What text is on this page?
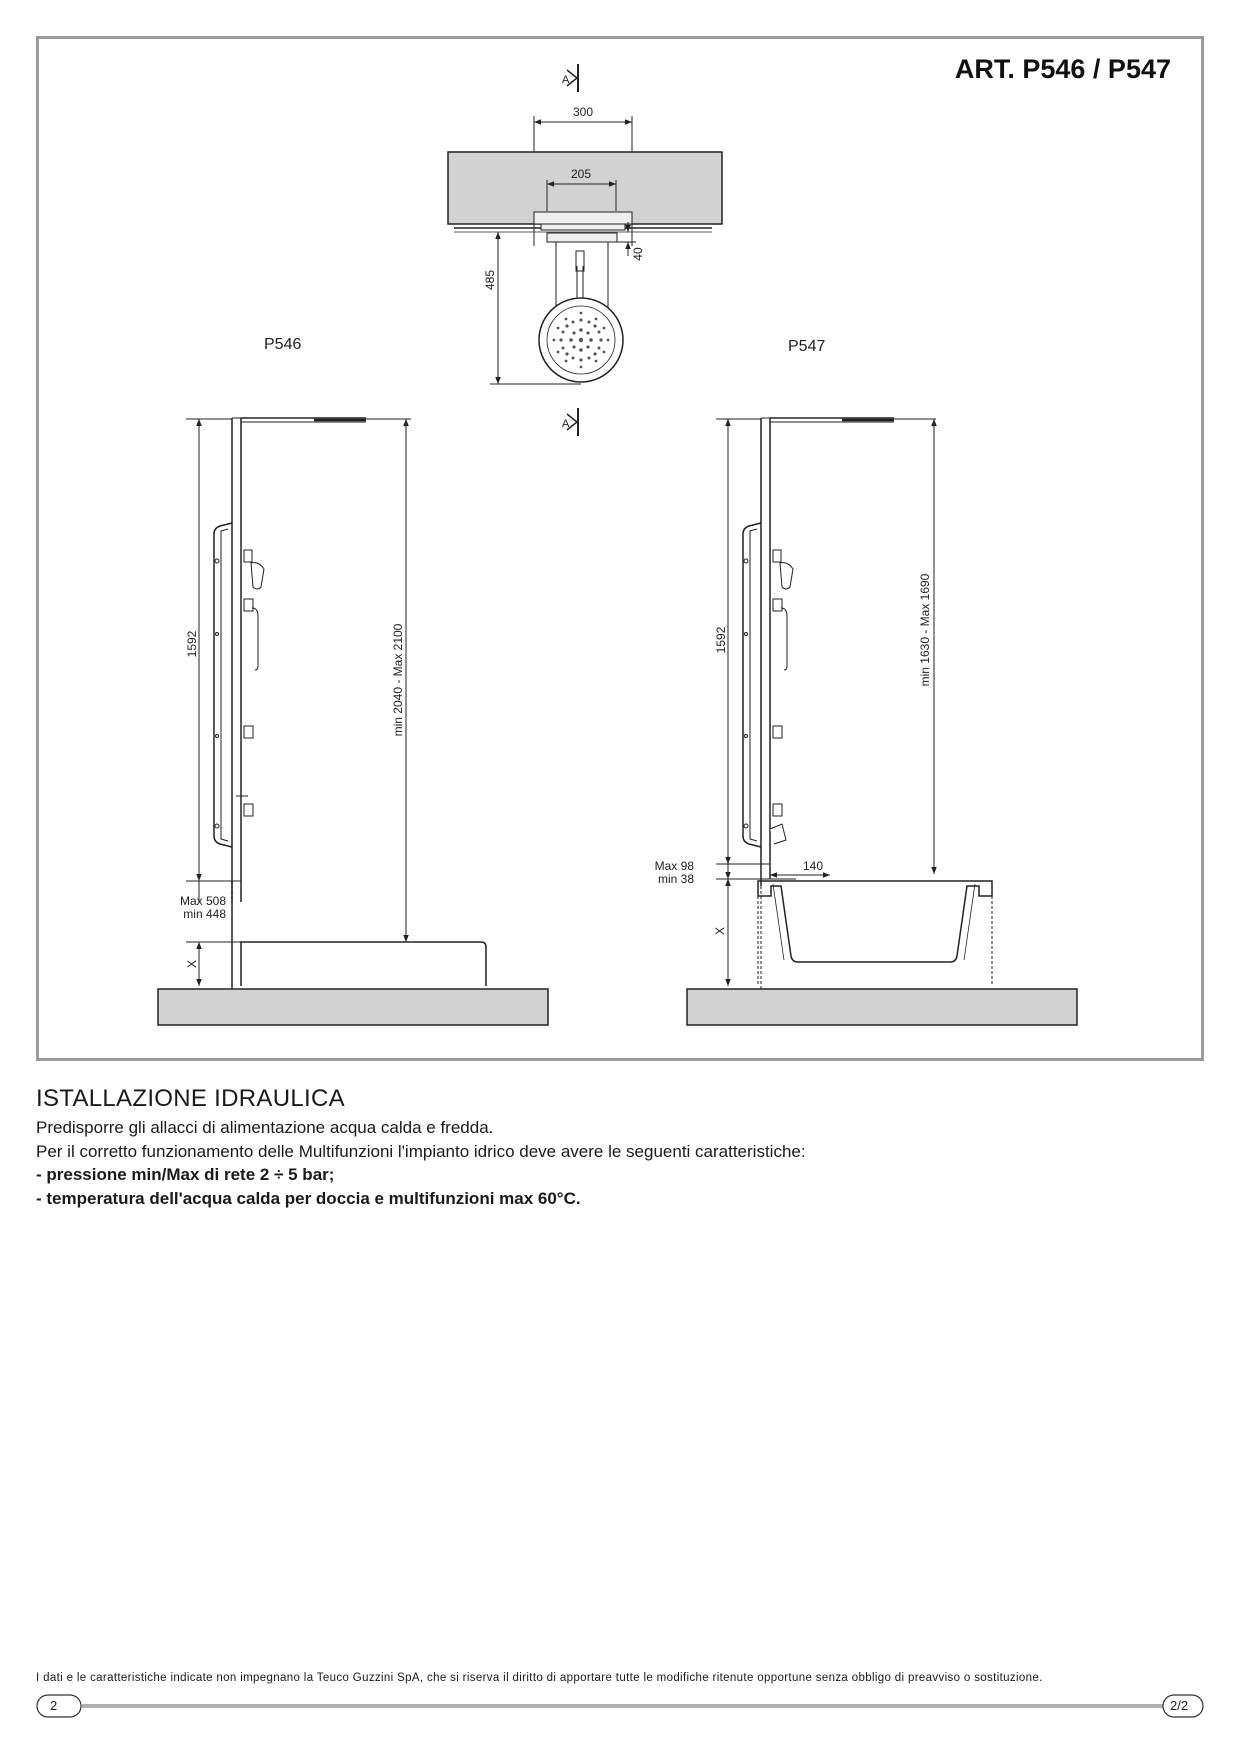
ART. P546 / P547
A
300
205
485
40
A
P546
1592	min 2040 - Max 2100
Max 508
min 448
X
P547
1592	min 1630 - Max 1690
140
Max 98
min 38
X
ISTALLAZIONE IDRAULICA

Predisporre gli allacci di alimentazione acqua calda e fredda.

Per il corretto funzionamento delle Multifunzioni l'impianto idrico deve avere le seguenti caratteristiche:

- pressione min/Max di rete 2 ÷ 5 bar;

- temperatura dell'acqua calda per doccia e multifunzioni max 60°C.

I dati e le caratteristiche indicate non impegnano la Teuco Guzzini SpA, che si riserva il diritto di apportare tutte le modifiche ritenute opportune senza obbligo di preavviso o sostituzione.

2	2/2
